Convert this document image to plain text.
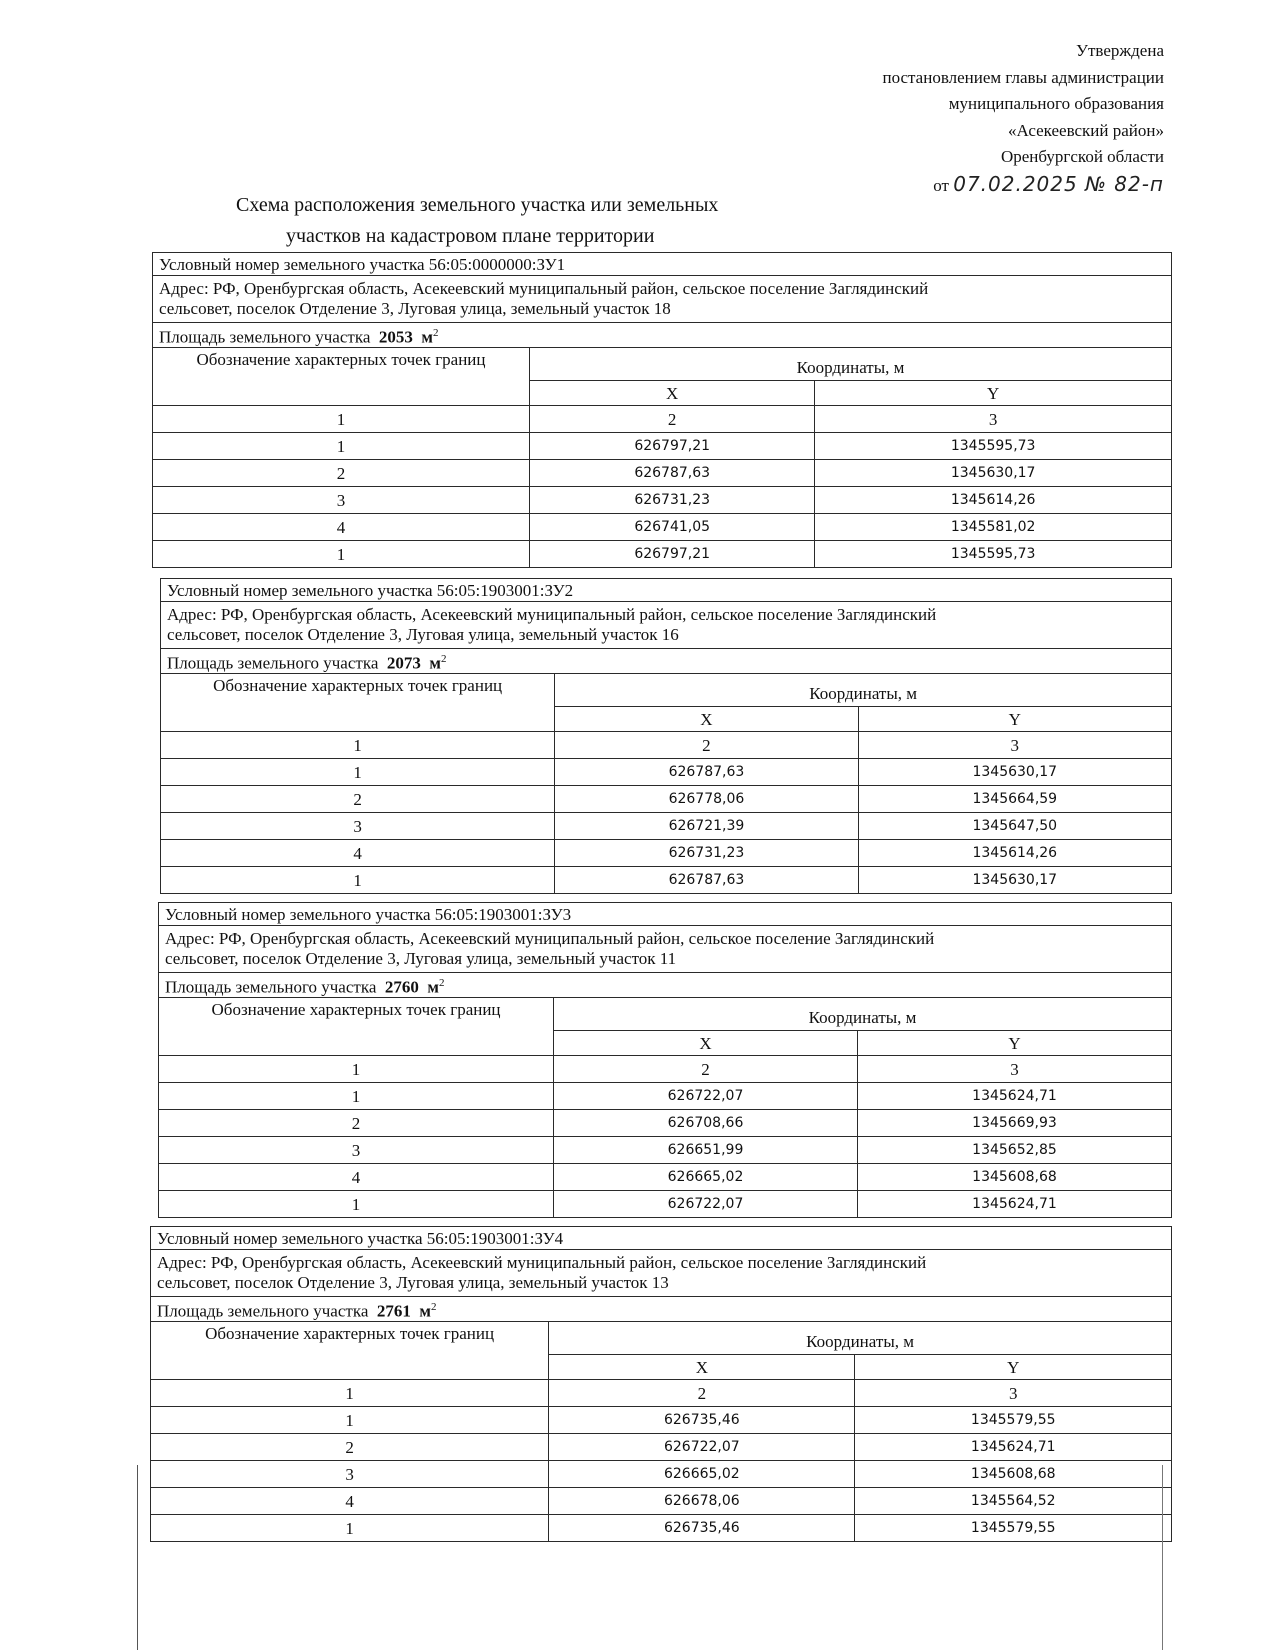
Утверждена
постановлением главы администрации
муниципального образования
«Асекеевский район»
Оренбургской области
от 07.02.2025 № 82-п
Схема расположения земельного участка или земельных
участков на кадастровом плане территории
Условный номер земельного участка 56:05:0000000:ЗУ1		
Адрес: РФ, Оренбургская область, Асекеевский муниципальный район, сельское поселение Заглядинский
сельсовет, поселок Отделение 3, Луговая улица, земельный участок 18		
Площадь земельного участка 2053 $м^2$
Обозначение характерных точек границ	Координаты, м	
	X	Y
1	2	3
1	626797,21	1345595,73
2	626787,63	1345630,17
3	626731,23	1345614,26
4	626741,05	1345581,02
1	626797,21	1345595,73
Условный номер земельного участка 56:05:1903001:ЗУ2		
Адрес: РФ, Оренбургская область, Асекеевский муниципальный район, сельское поселение Заглядинский
сельсовет, поселок Отделение 3, Луговая улица, земельный участок 16		
Площадь земельного участка 2073 $м^2$
Обозначение характерных точек границ	Координаты, м	
	X	Y
1	2	3
1	626787,63	1345630,17
2	626778,06	1345664,59
3	626721,39	1345647,50
4	626731,23	1345614,26
1	626787,63	1345630,17
Условный номер земельного участка 56:05:1903001:ЗУ3		
Адрес: РФ, Оренбургская область, Асекеевский муниципальный район, сельское поселение Заглядинский
сельсовет, поселок Отделение 3, Луговая улица, земельный участок 11		
Площадь земельного участка 2760 $м^2$
Обозначение характерных точек границ	Координаты, м	
	X	Y
1	2	3
1	626722,07	1345624,71
2	626708,66	1345669,93
3	626651,99	1345652,85
4	626665,02	1345608,68
1	626722,07	1345624,71
Условный номер земельного участка 56:05:1903001:ЗУ4		
Адрес: РФ, Оренбургская область, Асекеевский муниципальный район, сельское поселение Заглядинский
сельсовет, поселок Отделение 3, Луговая улица, земельный участок 13		
Площадь земельного участка 2761 $м^2$
Обозначение характерных точек границ	Координаты, м	
	X	Y
1	2	3
1	626735,46	1345579,55
2	626722,07	1345624,71
3	626665,02	1345608,68
4	626678,06	1345564,52
1	626735,46	1345579,55
